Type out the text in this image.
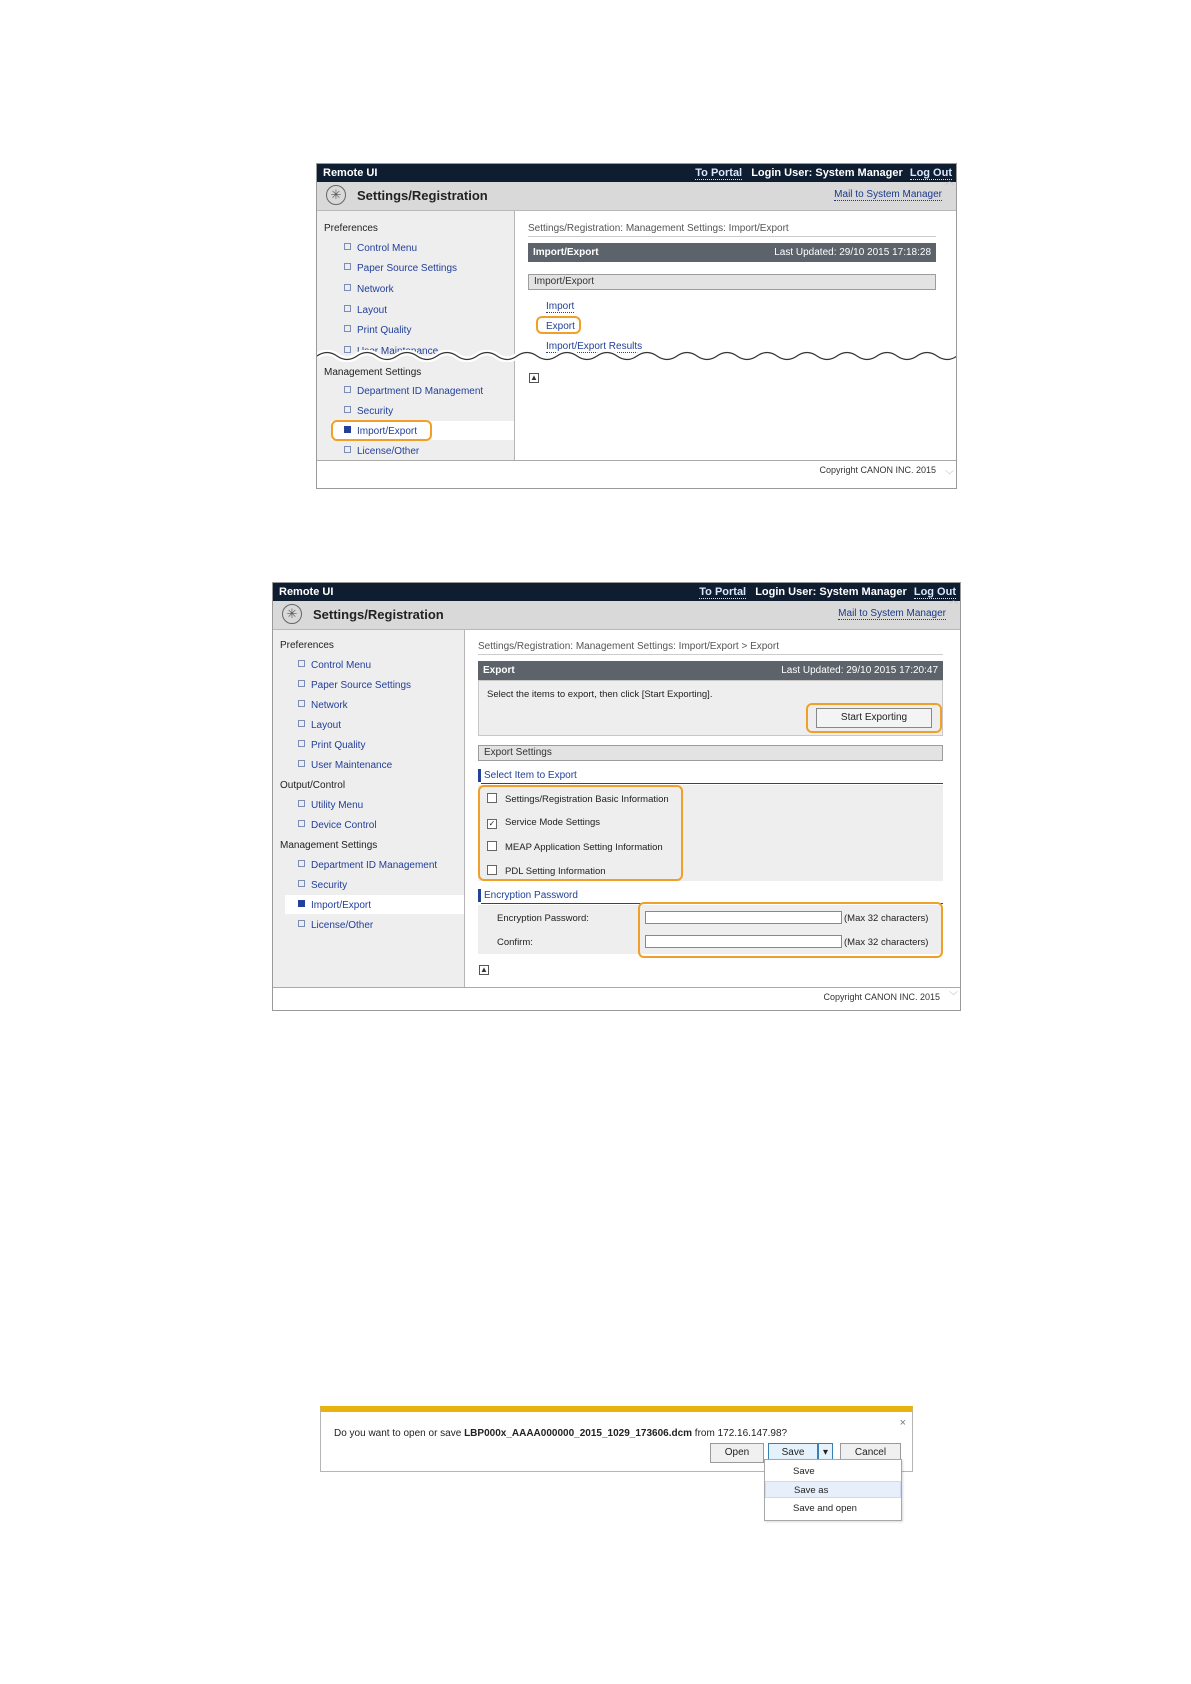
Remote UI	To Portal Login User: System Manager Log Out
✳	Settings/Registration	Mail to System Manager
Preferences
Control Menu
Paper Source Settings
Network
Layout
Print Quality
User Maintenance
Management Settings
Department ID Management
Security
Import/Export
License/Other
Settings/Registration: Management Settings: Import/Export
Import/Export	Last Updated: 29/10 2015 17:18:28
Import/Export
Import
Export
Import/Export Results
▲
Copyright CANON INC. 2015
︿
﹀
Remote UI	To Portal Login User: System Manager Log Out
✳	Settings/Registration	Mail to System Manager
Preferences
Control Menu
Paper Source Settings
Network
Layout
Print Quality
User Maintenance
Output/Control
Utility Menu
Device Control
Management Settings
Department ID Management
Security
Import/Export
License/Other
Settings/Registration: Management Settings: Import/Export > Export
Export	Last Updated: 29/10 2015 17:20:47
Select the items to export, then click [Start Exporting].
Start Exporting
Export Settings
Select Item to Export
Settings/Registration Basic Information
✓ Service Mode Settings
MEAP Application Setting Information
PDL Setting Information
Encryption Password
Encryption Password:	(Max 32 characters)
Confirm:	(Max 32 characters)
▲
Copyright CANON INC. 2015
︿
﹀
Do you want to open or save LBP000x_AAAA000000_2015_1029_173606.dcm from 172.16.147.98?
×
Open	Save	▾	Cancel
Save
Save as
Save and open
